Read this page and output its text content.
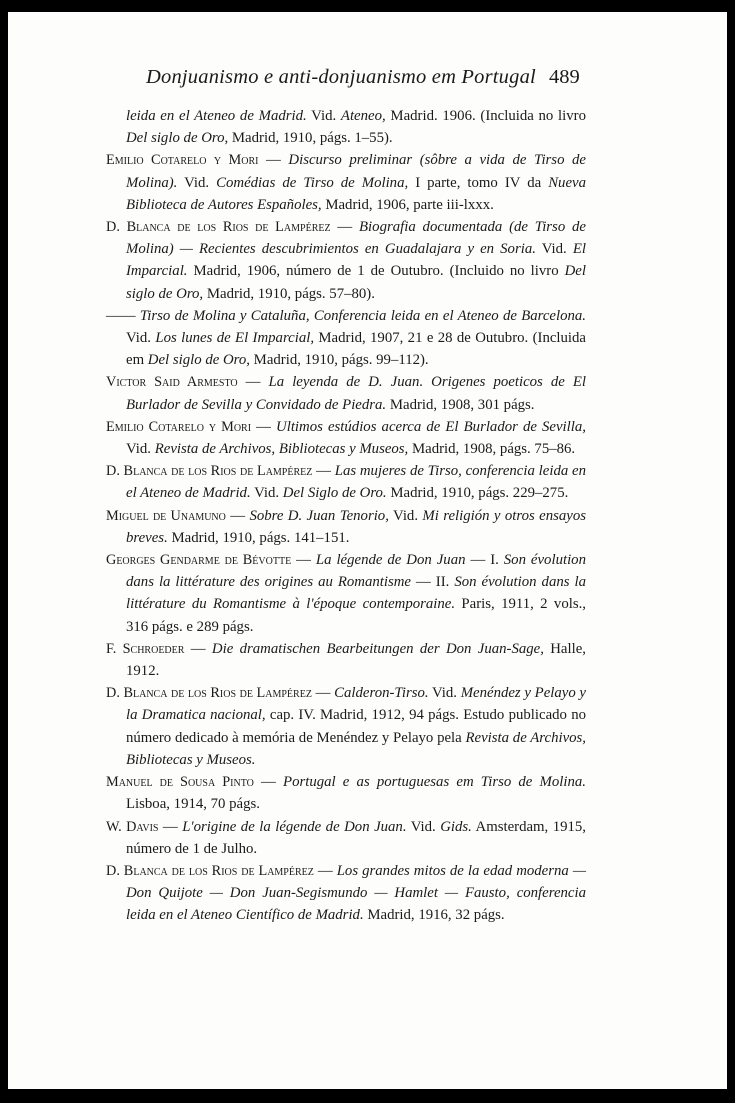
Donjuanismo e anti-donjuanismo em Portugal 489

leida en el Ateneo de Madrid. Vid. Ateneo, Madrid. 1906. (Incluida no livro Del siglo de Oro, Madrid, 1910, págs. 1–55).

Emilio Cotarelo y Mori — Discurso preliminar (sôbre a vida de Tirso de Molina). Vid. Comédias de Tirso de Molina, I parte, tomo IV da Nueva Biblioteca de Autores Españoles, Madrid, 1906, parte iii-lxxx.

D. Blanca de los Rios de Lampérez — Biografia documentada (de Tirso de Molina) — Recientes descubrimientos en Guadalajara y en Soria. Vid. El Imparcial. Madrid, 1906, número de 1 de Outubro. (Incluido no livro Del siglo de Oro, Madrid, 1910, págs. 57–80).

—— Tirso de Molina y Cataluña, Conferencia leida en el Ateneo de Barcelona. Vid. Los lunes de El Imparcial, Madrid, 1907, 21 e 28 de Outubro. (Incluida em Del siglo de Oro, Madrid, 1910, págs. 99–112).

Victor Said Armesto — La leyenda de D. Juan. Origenes poeticos de El Burlador de Sevilla y Convidado de Piedra. Madrid, 1908, 301 págs.

Emilio Cotarelo y Mori — Ultimos estúdios acerca de El Burlador de Sevilla, Vid. Revista de Archivos, Bibliotecas y Museos, Madrid, 1908, págs. 75–86.

D. Blanca de los Rios de Lampérez — Las mujeres de Tirso, conferencia leida en el Ateneo de Madrid. Vid. Del Siglo de Oro. Madrid, 1910, págs. 229–275.

Miguel de Unamuno — Sobre D. Juan Tenorio, Vid. Mi religión y otros ensayos breves. Madrid, 1910, págs. 141–151.

Georges Gendarme de Bévotte — La légende de Don Juan — I. Son évolution dans la littérature des origines au Romantisme — II. Son évolution dans la littérature du Romantisme à l'époque contemporaine. Paris, 1911, 2 vols., 316 págs. e 289 págs.

F. Schroeder — Die dramatischen Bearbeitungen der Don Juan-Sage, Halle, 1912.

D. Blanca de los Rios de Lampérez — Calderon-Tirso. Vid. Menéndez y Pelayo y la Dramatica nacional, cap. IV. Madrid, 1912, 94 págs. Estudo publicado no número dedicado à memória de Menéndez y Pelayo pela Revista de Archivos, Bibliotecas y Museos.

Manuel de Sousa Pinto — Portugal e as portuguesas em Tirso de Molina. Lisboa, 1914, 70 págs.

W. Davis — L'origine de la légende de Don Juan. Vid. Gids. Amsterdam, 1915, número de 1 de Julho.

D. Blanca de los Rios de Lampérez — Los grandes mitos de la edad moderna — Don Quijote — Don Juan-Segismundo — Hamlet — Fausto, conferencia leida en el Ateneo Científico de Madrid. Madrid, 1916, 32 págs.
